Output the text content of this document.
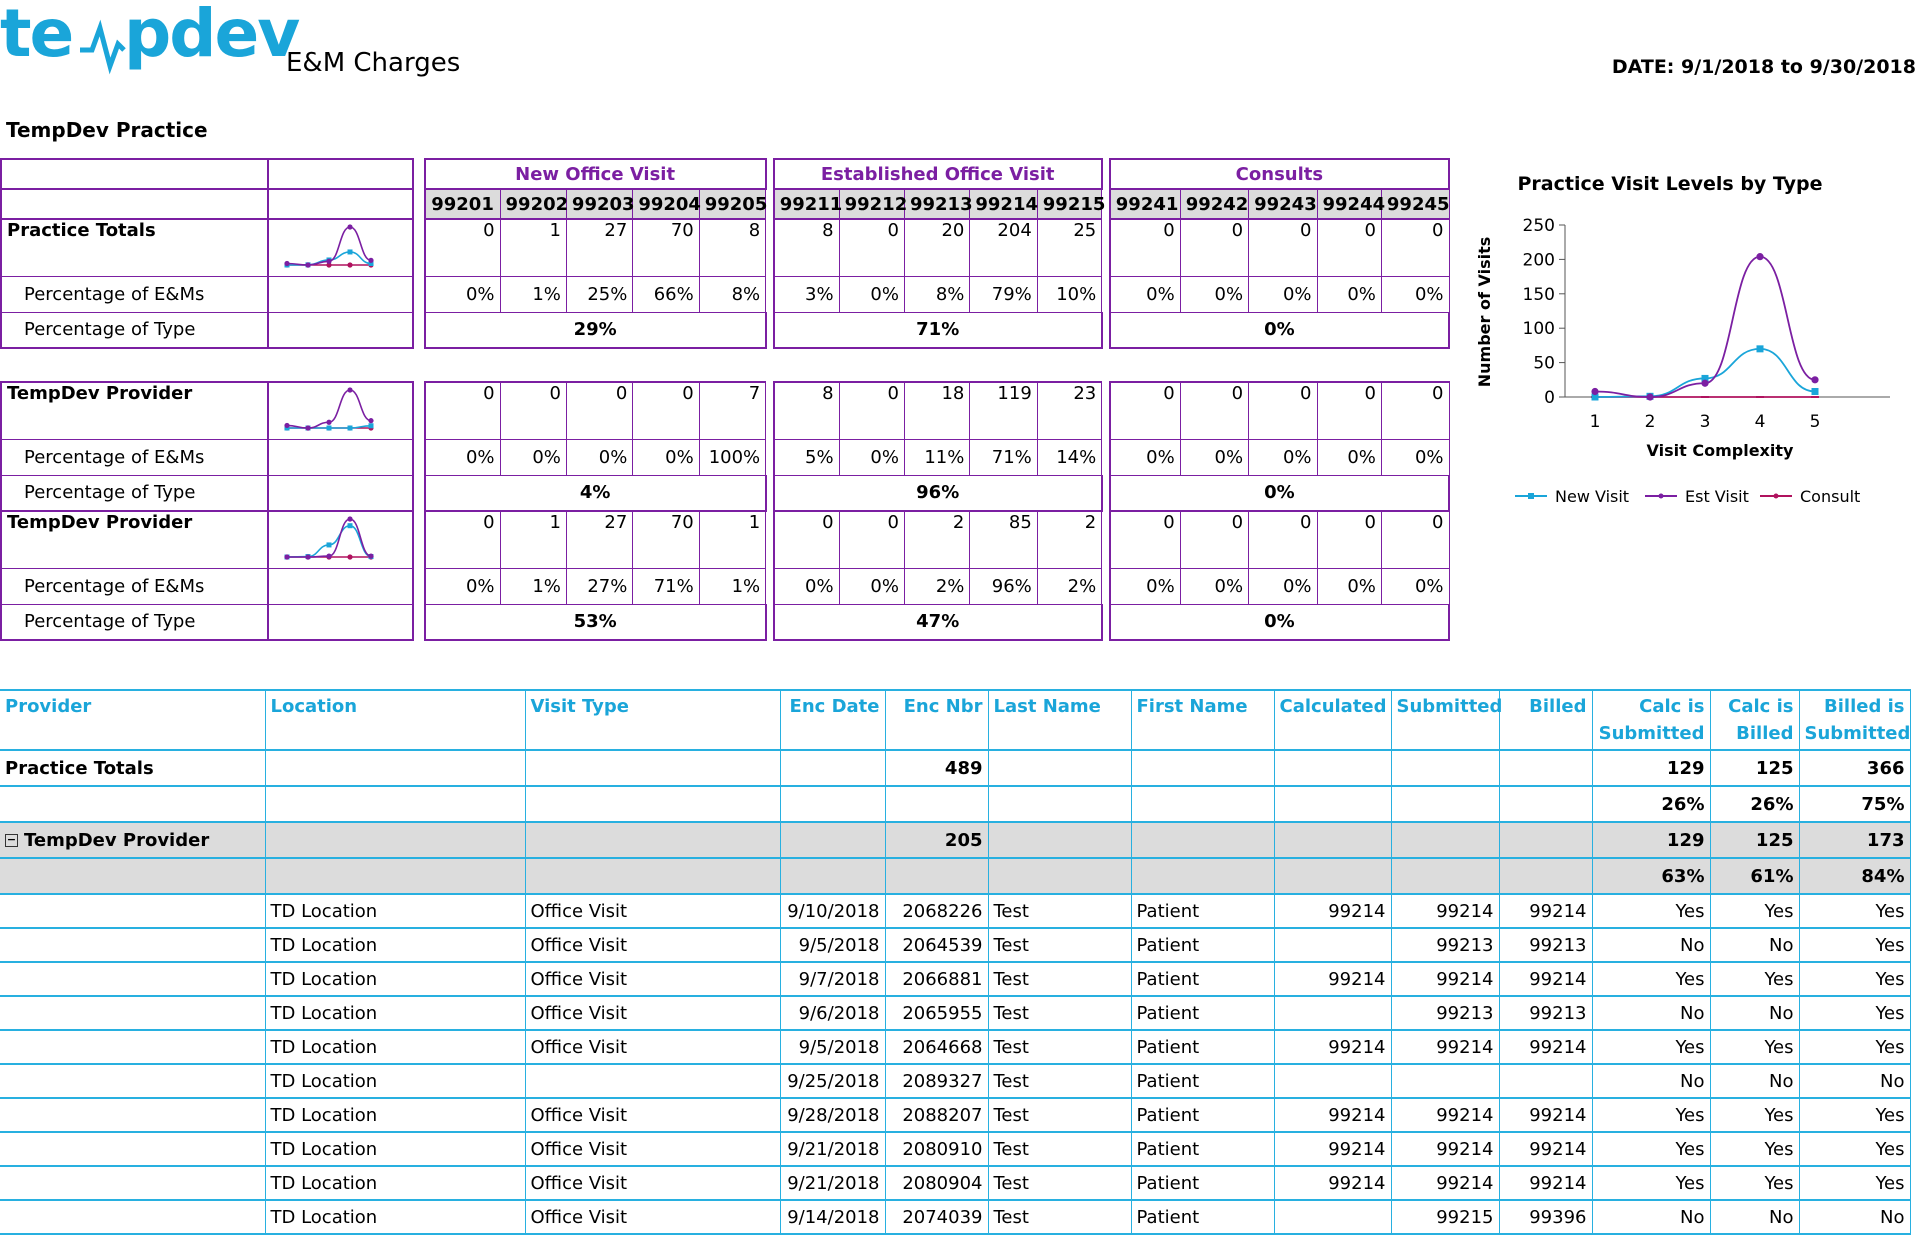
te pdev
E&M Charges	DATE: 9/1/2018 to 9/30/2018
TempDev Practice
			New Office Visit						Established Office Visit						Consults				
			99201	99202	99203	99204	99205		99211	99212	99213	99214	99215		99241	99242	99243	99244	99245
Practice Totals			0	1	27	70	8		8	0	20	204	25		0	0	0	0	0
Percentage of E&Ms			0%	1%	25%	66%	8%		3%	0%	8%	79%	10%		0%	0%	0%	0%	0%
Percentage of Type			29%						71%						0%				

TempDev Provider			0	0	0	0	7		8	0	18	119	23		0	0	0	0	0
Percentage of E&Ms			0%	0%	0%	0%	100%		5%	0%	11%	71%	14%		0%	0%	0%	0%	0%
Percentage of Type			4%						96%						0%				
TempDev Provider			0	1	27	70	1		0	0	2	85	2		0	0	0	0	0
Percentage of E&Ms			0%	1%	27%	71%	1%		0%	0%	2%	96%	2%		0%	0%	0%	0%	0%
Percentage of Type			53%						47%						0%				
Practice Visit Levels by Type
0
50
100
150
200
250
1	2	3	4	5
Visit Complexity
Number of Visits
New Visit	Est Visit	Consult
Provider	Location	Visit Type	Enc Date	Enc Nbr	Last Name	First Name	Calculated	Submitted	Billed	Calc is Submitted	Calc is Billed	Billed is Submitted
Practice Totals				489						129	125	366
										26%	26%	75%
− TempDev Provider				205						129	125	173
										63%	61%	84%
	TD Location	Office Visit	9/10/2018	2068226	Test	Patient	99214	99214	99214	Yes	Yes	Yes
	TD Location	Office Visit	9/5/2018	2064539	Test	Patient		99213	99213	No	No	Yes
	TD Location	Office Visit	9/7/2018	2066881	Test	Patient	99214	99214	99214	Yes	Yes	Yes
	TD Location	Office Visit	9/6/2018	2065955	Test	Patient		99213	99213	No	No	Yes
	TD Location	Office Visit	9/5/2018	2064668	Test	Patient	99214	99214	99214	Yes	Yes	Yes
	TD Location		9/25/2018	2089327	Test	Patient				No	No	No
	TD Location	Office Visit	9/28/2018	2088207	Test	Patient	99214	99214	99214	Yes	Yes	Yes
	TD Location	Office Visit	9/21/2018	2080910	Test	Patient	99214	99214	99214	Yes	Yes	Yes
	TD Location	Office Visit	9/21/2018	2080904	Test	Patient	99214	99214	99214	Yes	Yes	Yes
	TD Location	Office Visit	9/14/2018	2074039	Test	Patient		99215	99396	No	No	No
